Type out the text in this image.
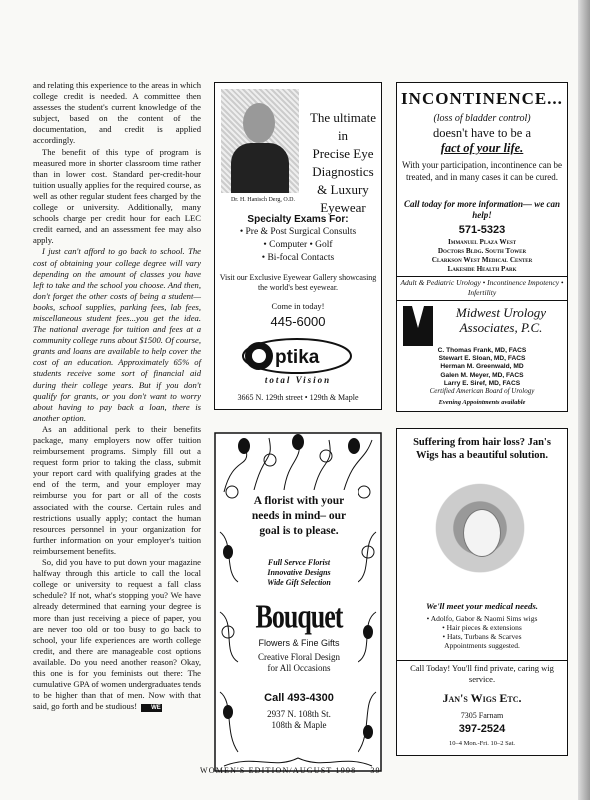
and relating this experience to the areas in which college credit is needed. A committee then assesses the student's current knowledge of the subject, based on the content of the documentation, and credit is applied accordingly.

The benefit of this type of program is measured more in shorter classroom time rather than in lower cost. Standard per-credit-hour tuition usually applies for the required course, as well as other regular student fees charged by the college or university. Additionally, many schools charge per credit hour for each LEC credit earned, and an assessment fee may also apply.

I just can't afford to go back to school. The cost of obtaining your college degree will vary depending on the amount of classes you have left to take and the school you choose. And then, don't forget the other costs of being a student—books, school supplies, parking fees, lab fees, miscellaneous student fees...you get the idea. The national average for tuition and fees at a community college runs about $1500. Of course, grants and loans are available to help cover the cost of an education. Approximately 65% of students receive some sort of financial aid during their college years. But if you don't qualify for grants, or you don't want to worry about having to pay back a loan, there is another option.

As an additional perk to their benefits package, many employers now offer tuition reimbursement programs. Simply fill out a request form prior to taking the class, submit your report card with qualifying grades at the end of the term, and your employer may reimburse you for part or all of the costs associated with the course. Certain rules and restrictions usually apply; contact the human resources personnel in your organization for further information on your employer's tuition reimbursement benefits.

So, did you have to put down your magazine halfway through this article to call the local college or university to request a fall class schedule? If not, what's stopping you? We have already determined that earning your degree is more than just receiving a piece of paper, you are never too old or too busy to go back to school, your life experiences are worth college credit, and there are manageable cost options available. Do you need another reason? Okay, this one is for you feminists out there: The cumulative GPA of women undergraduates tends to be higher than that of men. Now with that said, go forth and be studious! WE

Dr. H. Hanisch Derg, O.D.
The ultimate
in
Precise Eye
Diagnostics
& Luxury
Eyewear
Specialty Exams For:
• Pre & Post Surgical Consults
• Computer • Golf
• Bi-focal Contacts
Visit our Exclusive Eyewear Gallery showcasing the world's best eyewear.
Come in today!
445-6000
ptika
total Vision
3665 N. 129th street • 129th & Maple
INCONTINENCE...
(loss of bladder control)
doesn't have to be a
fact of your life.
With your participation, incontinence can be treated, and in many cases it can be cured.
Call today for more information— we can help!
571-5323
Immanuel Plaza West
Doctors Bldg. South Tower
Clarkson West Medical Center
Lakeside Health Park
Adult & Pediatric Urology • Incontinence Impotency • Infertility
Midwest Urology
Associates, P.C.
C. Thomas Frank, MD, FACS
Stewart E. Sloan, MD, FACS
Herman M. Greenwald, MD
Galen M. Meyer, MD, FACS
Larry E. Siref, MD, FACS
Certified American Board of Urology
Evening Appointments available
A florist with your needs in mind– our goal is to please.
Full Servce Florist
Innovative Designs
Wide Gift Selection
Bouquet
Flowers & Fine Gifts
Creative Floral Design
for All Occasions
Call 493-4300
2937 N. 108th St.
108th & Maple
Suffering from hair loss? Jan's Wigs has a beautiful solution.
We'll meet your medical needs.
• Adolfo, Gabor & Naomi Sims wigs
• Hair pieces & extensions
• Hats, Turbans & Scarves
Appointments suggested.
Call Today! You'll find private, caring wig service.
Jan's Wigs Etc.
7305 Farnam
397-2524
10–4 Mon.-Fri. 10–2 Sat.
WOMEN'S EDITION/AUGUST 1998 39
